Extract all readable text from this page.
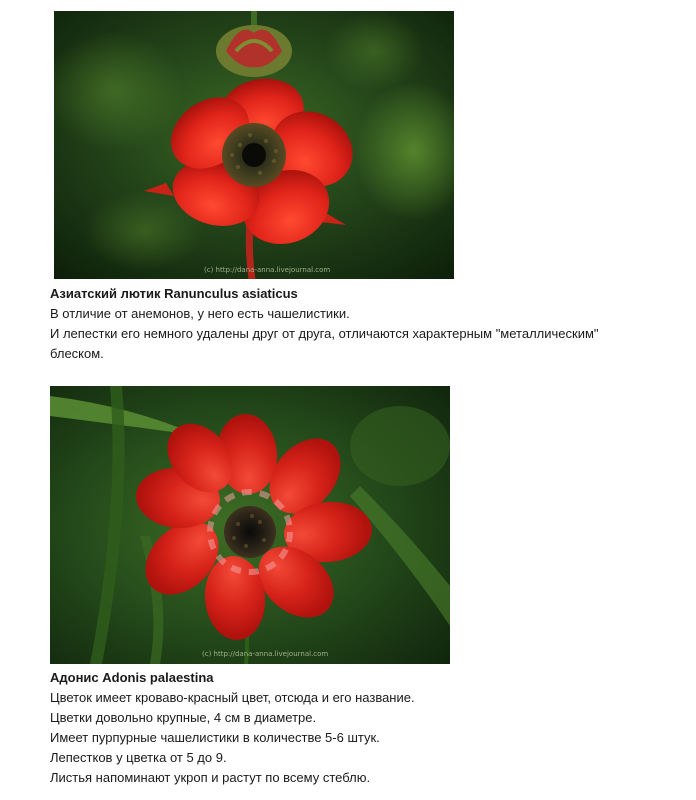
(c) http://dana-anna.livejournal.com

Азиатский лютик Ranunculus asiaticus

В отличие от анемонов, у него есть чашелистики.

И лепестки его немного удалены друг от друга, отличаются характерным "металлическим"

блеском.

(c) http://dana-anna.livejournal.com

Адонис Adonis palaestina

Цветок имеет кроваво-красный цвет, отсюда и его название.

Цветки довольно крупные, 4 см в диаметре.

Имеет пурпурные чашелистики в количестве 5-6 штук.

Лепестков у цветка от 5 до 9.

Листья напоминают укроп и растут по всему стеблю.
